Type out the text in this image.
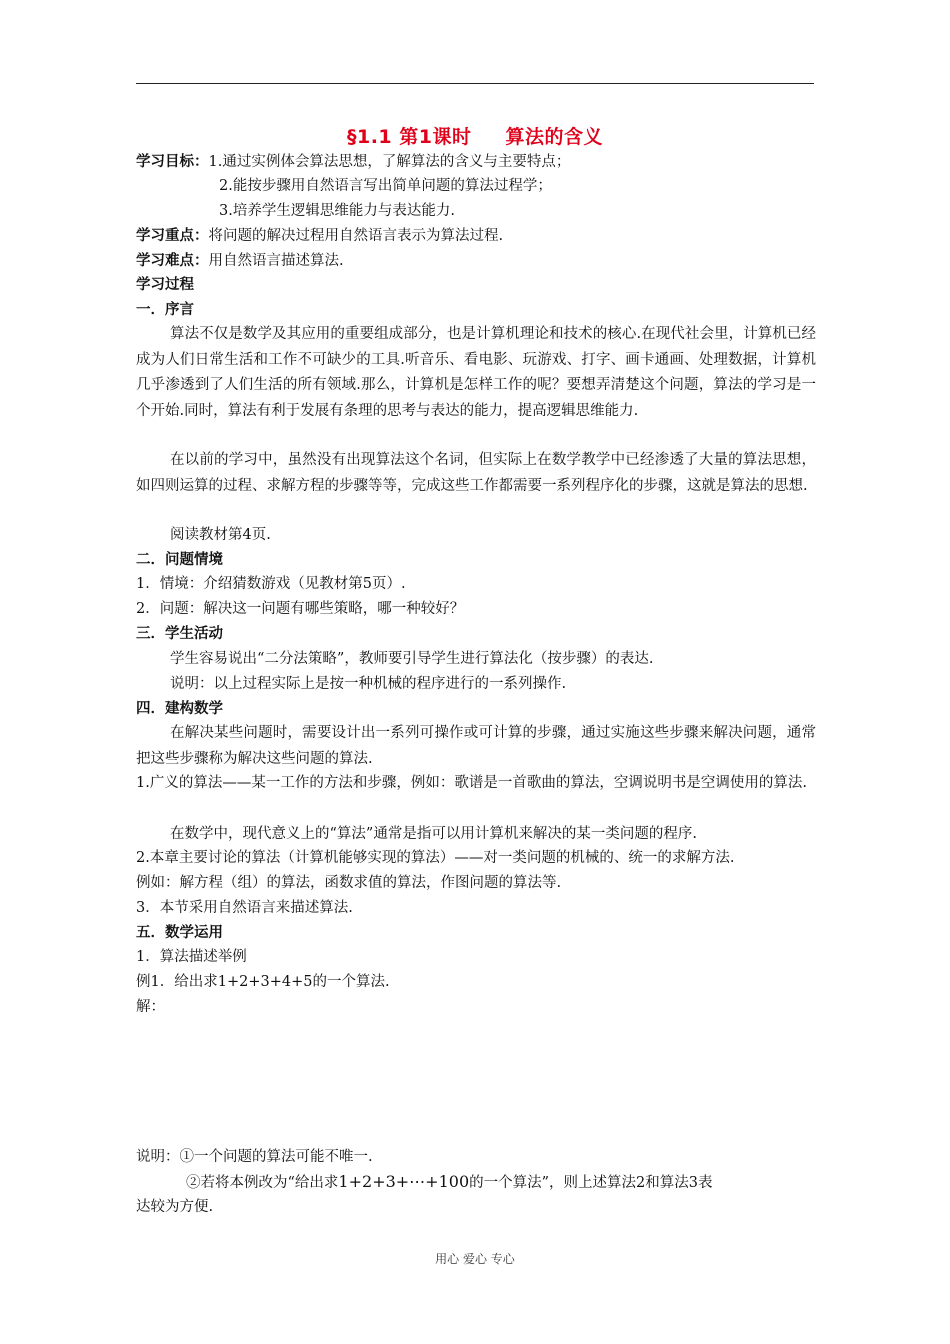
§1.1 第1课时 算法的含义
学习目标：1.通过实例体会算法思想，了解算法的含义与主要特点；
2.能按步骤用自然语言写出简单问题的算法过程学；
3.培养学生逻辑思维能力与表达能力.
学习重点：将问题的解决过程用自然语言表示为算法过程.
学习难点：用自然语言描述算法.
学习过程
一．序言
算法不仅是数学及其应用的重要组成部分，也是计算机理论和技术的核心.在现代社会里，计算机已经成为人们日常生活和工作不可缺少的工具.听音乐、看电影、玩游戏、打字、画卡通画、处理数据，计算机几乎渗透到了人们生活的所有领域.那么，计算机是怎样工作的呢？要想弄清楚这个问题，算法的学习是一个开始.同时，算法有利于发展有条理的思考与表达的能力，提高逻辑思维能力.
在以前的学习中，虽然没有出现算法这个名词，但实际上在数学教学中已经渗透了大量的算法思想，如四则运算的过程、求解方程的步骤等等，完成这些工作都需要一系列程序化的步骤，这就是算法的思想.
阅读教材第4页.
二．问题情境
1．情境：介绍猜数游戏（见教材第5页）.
2．问题：解决这一问题有哪些策略，哪一种较好？
三．学生活动
学生容易说出“二分法策略”，教师要引导学生进行算法化（按步骤）的表达.
说明：以上过程实际上是按一种机械的程序进行的一系列操作.
四．建构数学
在解决某些问题时，需要设计出一系列可操作或可计算的步骤，通过实施这些步骤来解决问题，通常把这些步骤称为解决这些问题的算法.
1.广义的算法——某一工作的方法和步骤，例如：歌谱是一首歌曲的算法，空调说明书是空调使用的算法.
在数学中，现代意义上的“算法”通常是指可以用计算机来解决的某一类问题的程序.
2.本章主要讨论的算法（计算机能够实现的算法）——对一类问题的机械的、统一的求解方法.
例如：解方程（组）的算法，函数求值的算法，作图问题的算法等.
3．本节采用自然语言来描述算法.
五．数学运用
1．算法描述举例
例1．给出求1+2+3+4+5的一个算法.
解：
说明：①一个问题的算法可能不唯一.
②若将本例改为“给出求1+2+3+⋯+100的一个算法”，则上述算法2和算法3表
达较为方便.
用心 爱心 专心
